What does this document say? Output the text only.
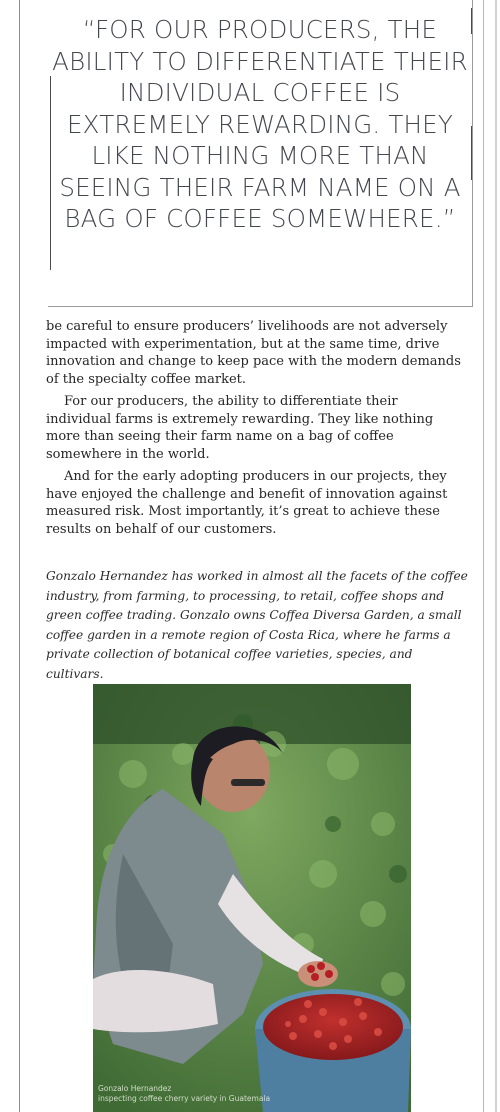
“FOR OUR PRODUCERS, THE ABILITY TO DIFFERENTIATE THEIR INDIVIDUAL COFFEE IS EXTREMELY REWARDING. THEY LIKE NOTHING MORE THAN SEEING THEIR FARM NAME ON A BAG OF COFFEE SOMEWHERE.”

be careful to ensure producers’ livelihoods are not adversely impacted with experimentation, but at the same time, drive innovation and change to keep pace with the modern demands of the specialty coffee market.

For our producers, the ability to differentiate their individual farms is extremely rewarding. They like nothing more than seeing their farm name on a bag of coffee somewhere in the world.

And for the early adopting producers in our projects, they have enjoyed the challenge and benefit of innovation against measured risk. Most importantly, it’s great to achieve these results on behalf of our customers.

Gonzalo Hernandez has worked in almost all the facets of the coffee industry, from farming, to processing, to retail, coffee shops and green coffee trading. Gonzalo owns Coffea Diversa Garden, a small coffee garden in a remote region of Costa Rica, where he farms a private collection of botanical coffee varieties, species, and cultivars.
Gonzalo Hernandez
inspecting coffee cherry variety in Guatemala
